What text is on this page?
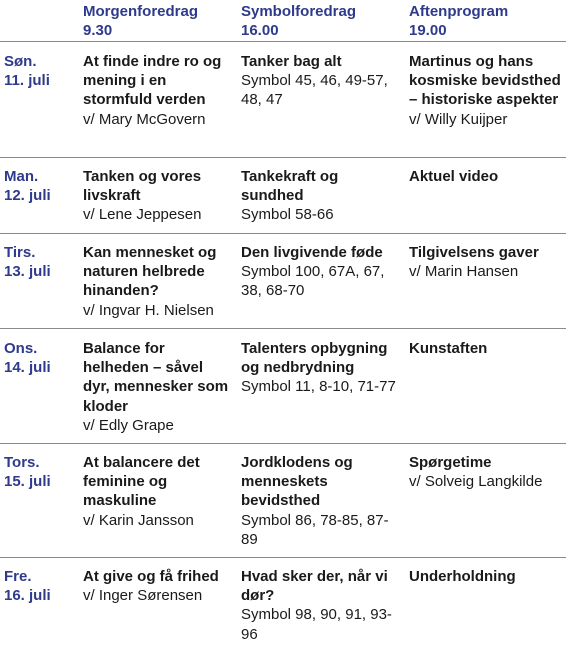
Morgenforedrag
9.30
Symbolforedrag
16.00
Aftenprogram
19.00
Søn.
11. juli
At finde indre ro og mening i en stormfuld verden
v/ Mary McGovern
Tanker bag alt
Symbol 45, 46, 49-57, 48, 47
Martinus og hans kosmiske bevidsthed – historiske aspekter
v/ Willy Kuijper
Man.
12. juli
Tanken og vores livskraft
v/ Lene Jeppesen
Tankekraft og sundhed
Symbol 58-66
Aktuel video
Tirs.
13. juli
Kan mennesket og naturen helbrede hinanden?
v/ Ingvar H. Nielsen
Den livgivende føde
Symbol 100, 67A, 67, 38, 68-70
Tilgivelsens gaver
v/ Marin Hansen
Ons.
14. juli
Balance for helheden – såvel dyr, mennesker som kloder
v/ Edly Grape
Talenters opbygning og nedbrydning
Symbol 11, 8-10, 71-77
Kunstaften
Tors.
15. juli
At balancere det feminine og maskuline
v/ Karin Jansson
Jordklodens og menneskets bevidsthed
Symbol 86, 78-85, 87-89
Spørgetime
v/ Solveig Langkilde
Fre.
16. juli
At give og få frihed
v/ Inger Sørensen
Hvad sker der, når vi dør?
Symbol 98, 90, 91, 93-96
Underholdning
